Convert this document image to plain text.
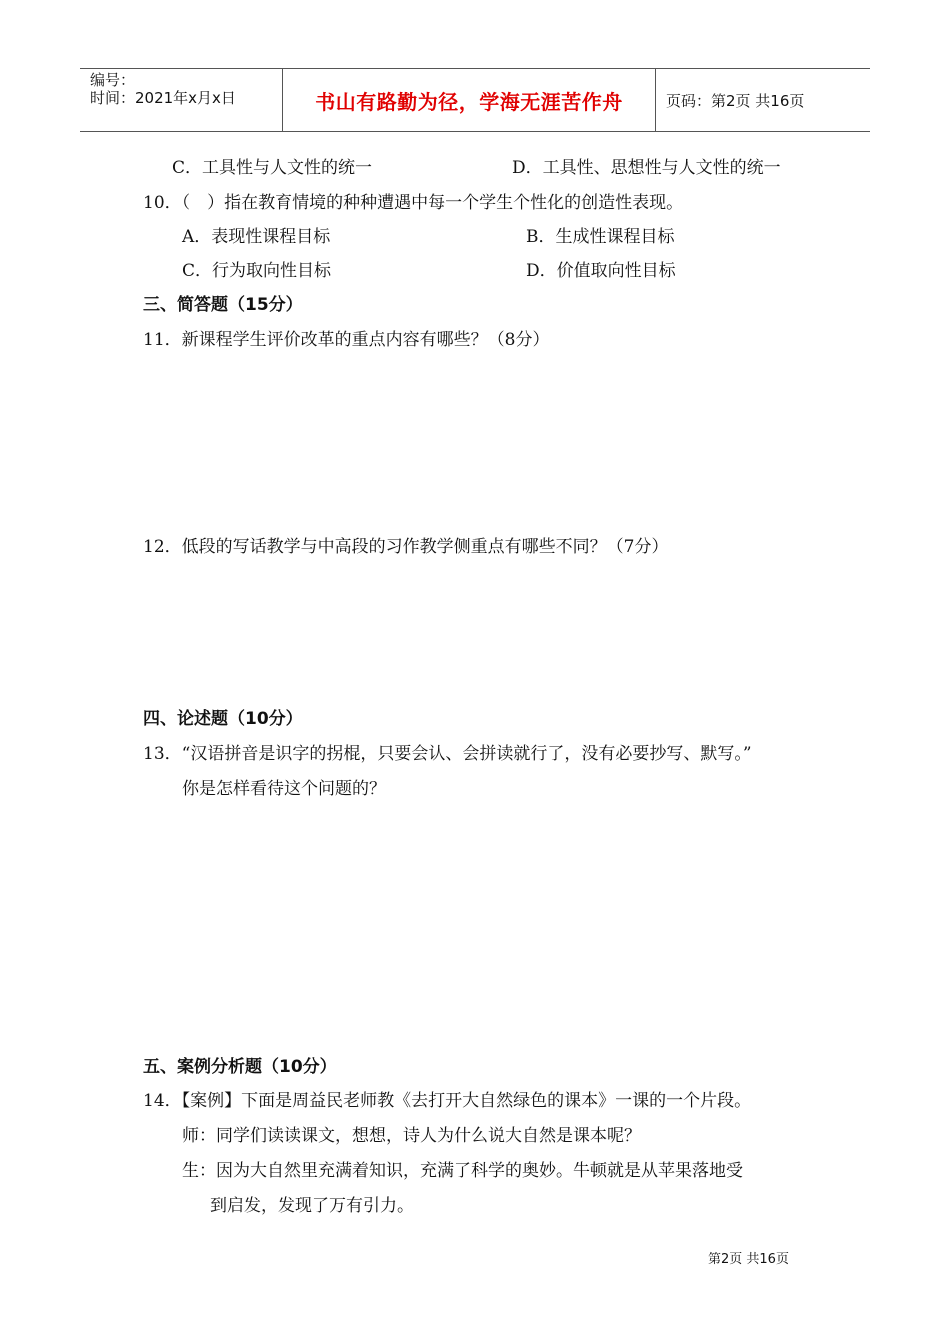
编号：
时间：2021年x月x日	书山有路勤为径，学海无涯苦作舟	页码：第2页 共16页
C．工具性与人文性的统一	D．工具性、思想性与人文性的统一
10．（　）指在教育情境的种种遭遇中每一个学生个性化的创造性表现。
A．表现性课程目标	B．生成性课程目标
C．行为取向性目标	D．价值取向性目标
三、简答题（15分）
11．新课程学生评价改革的重点内容有哪些？（8分）
12．低段的写话教学与中高段的习作教学侧重点有哪些不同？（7分）
四、论述题（10分）
13．“汉语拼音是识字的拐棍，只要会认、会拼读就行了，没有必要抄写、默写。”
你是怎样看待这个问题的？
五、案例分析题（10分）
14．【案例】下面是周益民老师教《去打开大自然绿色的课本》一课的一个片段。
师：同学们读读课文，想想，诗人为什么说大自然是课本呢？
生：因为大自然里充满着知识，充满了科学的奥妙。牛顿就是从苹果落地受
到启发，发现了万有引力。
第2页 共16页
